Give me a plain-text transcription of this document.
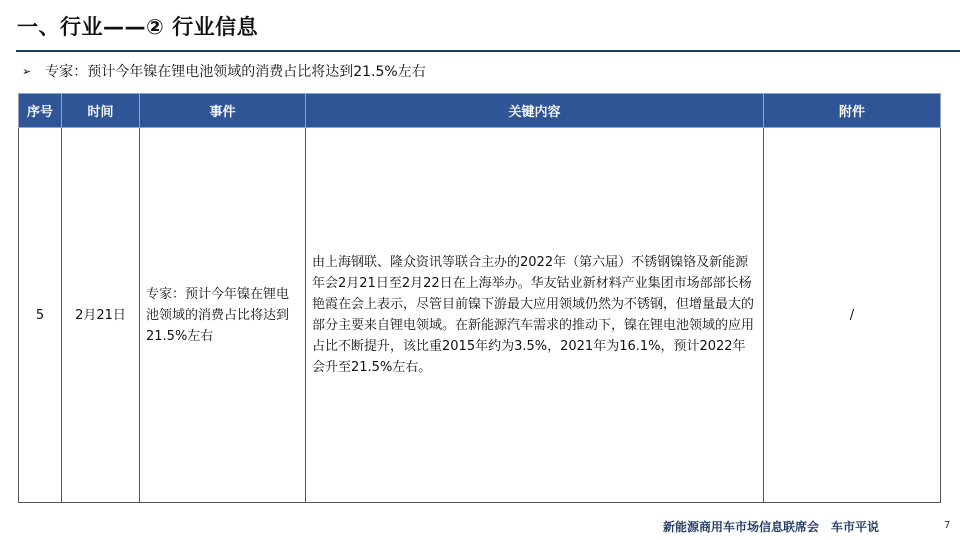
一、行业——② 行业信息
➢ 专家：预计今年镍在锂电池领域的消费占比将达到21.5%左右
序号	时间	事件	关键内容	附件
5	2月21日	专家：预计今年镍在锂电池领域的消费占比将达到21.5%左右	由上海钢联、隆众资讯等联合主办的2022年（第六届）不锈钢镍铬及新能源年会2月21日至2月22日在上海举办。华友钴业新材料产业集团市场部部长杨艳霞在会上表示，尽管目前镍下游最大应用领域仍然为不锈钢，但增量最大的部分主要来自锂电领域。在新能源汽车需求的推动下，镍在锂电池领域的应用占比不断提升，该比重2015年约为3.5%，2021年为16.1%，预计2022年会升至21.5%左右。	/
新能源商用车市场信息联席会　车市平说	7
